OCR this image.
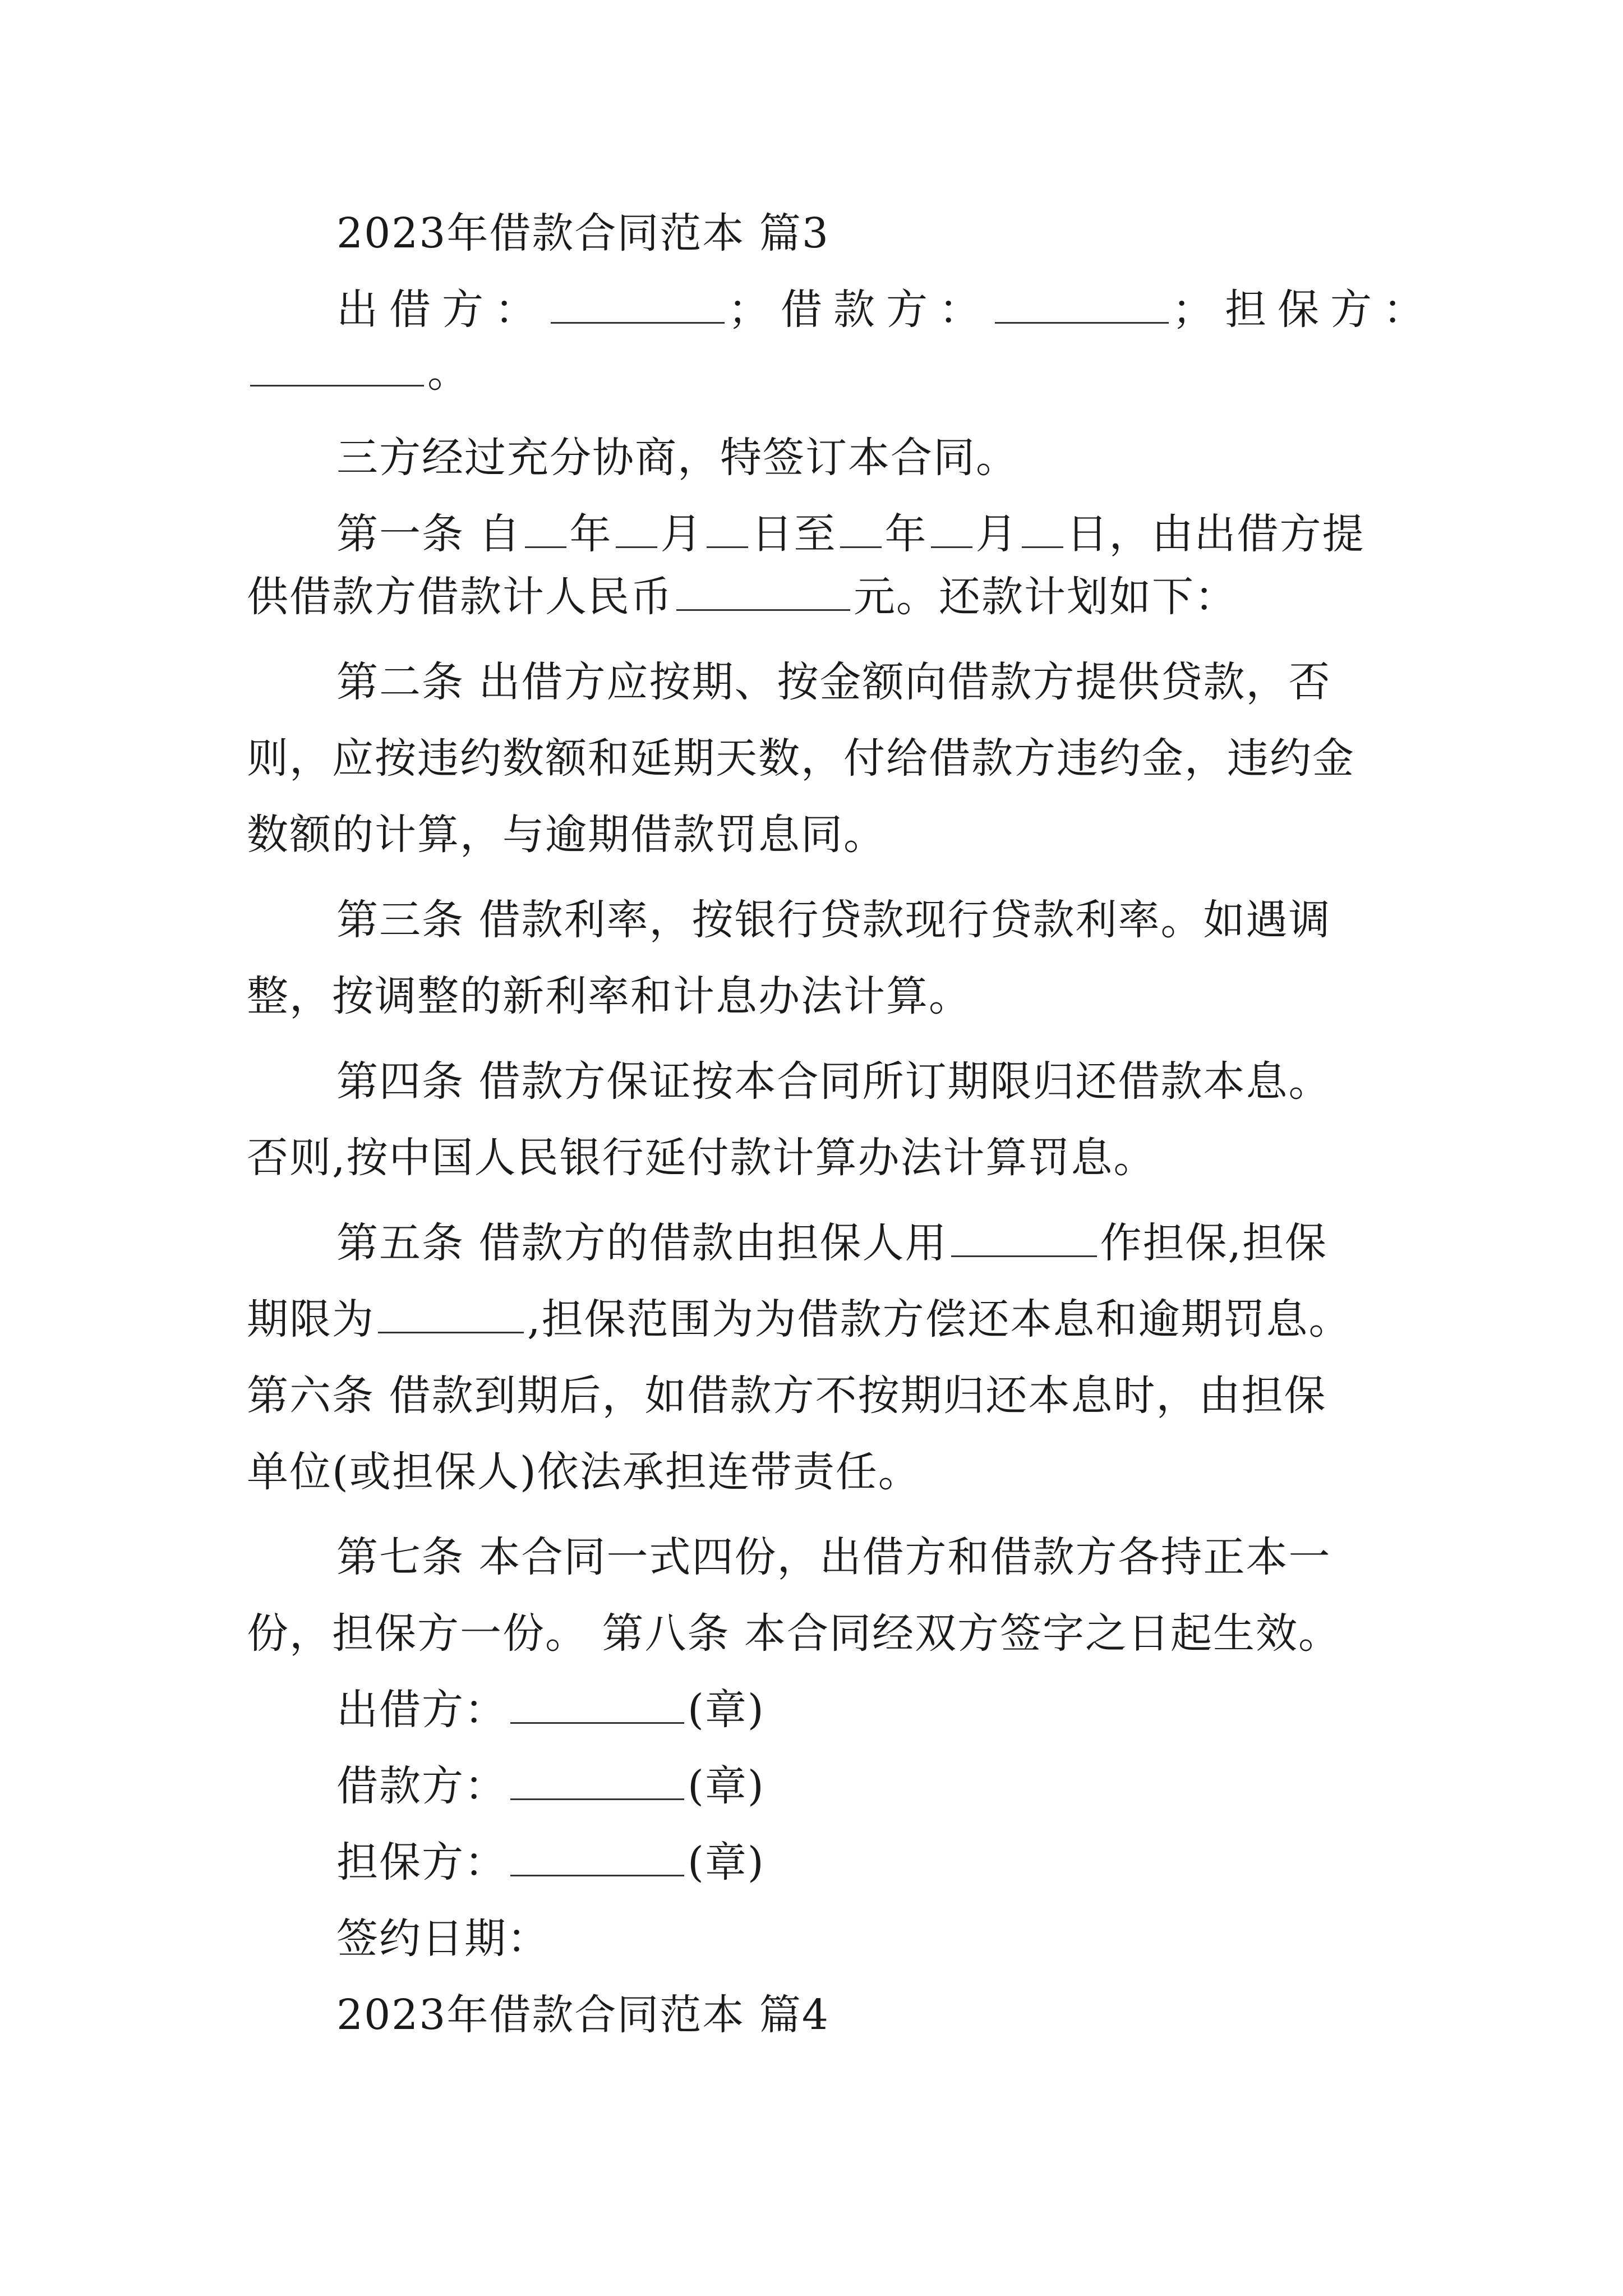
2023年借款合同范本 篇3

出借方：	；借款方：	；担保方：

。

三方经过充分协商，特签订本合同。

第一条 自 年 月 日至 年 月 日，由出借方提

供借款方借款计人民币	元。还款计划如下：

第二条 出借方应按期、按金额向借款方提供贷款，否

则，应按违约数额和延期天数，付给借款方违约金，违约金

数额的计算，与逾期借款罚息同。

第三条 借款利率，按银行贷款现行贷款利率。如遇调

整，按调整的新利率和计息办法计算。

第四条 借款方保证按本合同所订期限归还借款本息。

否则,按中国人民银行延付款计算办法计算罚息。

第五条 借款方的借款由担保人用	作担保,担保

期限为	,担保范围为为借款方偿还本息和逾期罚息。

第六条 借款到期后，如借款方不按期归还本息时，由担保

单位(或担保人)依法承担连带责任。

第七条 本合同一式四份，出借方和借款方各持正本一

份，担保方一份。 第八条 本合同经双方签字之日起生效。

出借方：	(章)

借款方：	(章)

担保方：	(章)

签约日期：

2023年借款合同范本 篇4
